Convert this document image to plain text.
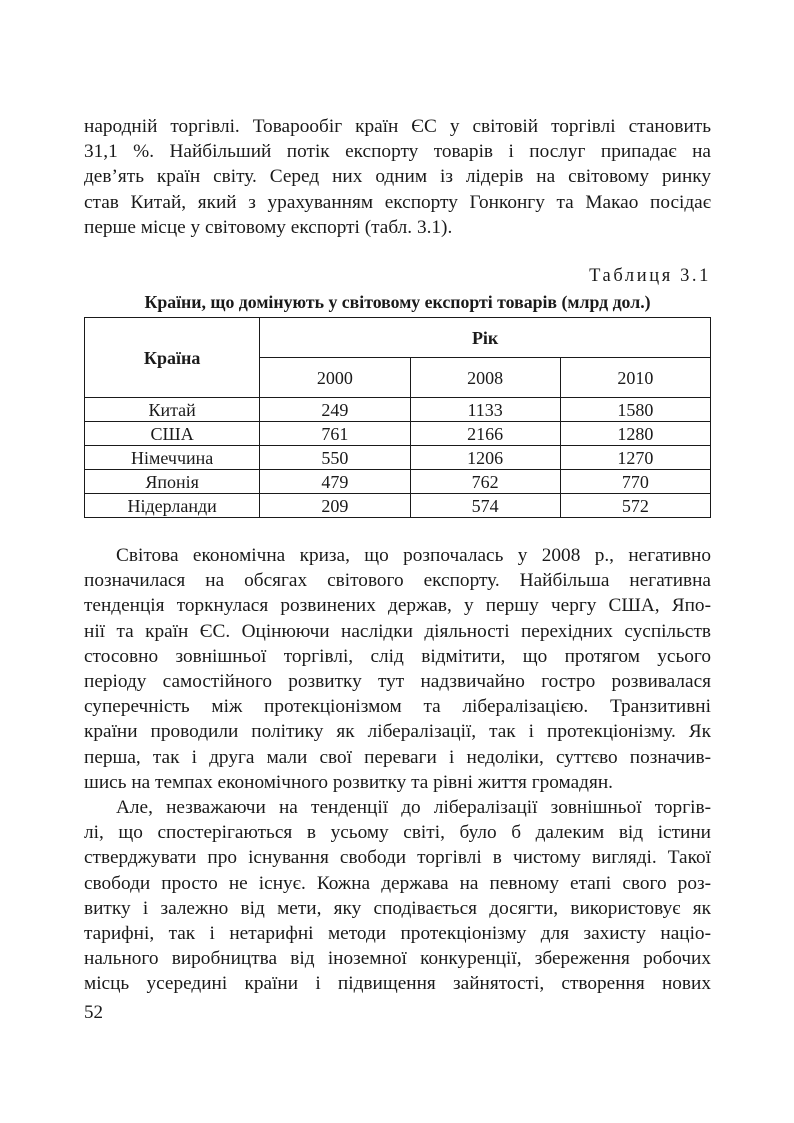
народній торгівлі. Товарообіг країн ЄС у світовій торгівлі становить
31,1 %. Найбільший потік експорту товарів і послуг припадає на
дев’ять країн світу. Серед них одним із лідерів на світовому ринку
став Китай, який з урахуванням експорту Гонконгу та Макао посідає
перше місце у світовому експорті (табл. 3.1).
Таблиця 3.1
Країни, що домінують у світовому експорті товарів (млрд дол.)
Країна	Рік		
	2000	2008	2010
Китай	249	1133	1580
США	761	2166	1280
Німеччина	550	1206	1270
Японія	479	762	770
Нідерланди	209	574	572
Світова економічна криза, що розпочалась у 2008 р., негативно
позначилася на обсягах світового експорту. Найбільша негативна
тенденція торкнулася розвинених держав, у першу чергу США, Япо-
нії та країн ЄС. Оцінюючи наслідки діяльності перехідних суспільств
стосовно зовнішньої торгівлі, слід відмітити, що протягом усього
періоду самостійного розвитку тут надзвичайно гостро розвивалася
суперечність між протекціонізмом та лібералізацією. Транзитивні
країни проводили політику як лібералізації, так і протекціонізму. Як
перша, так і друга мали свої переваги і недоліки, суттєво позначив-
шись на темпах економічного розвитку та рівні життя громадян.
Але, незважаючи на тенденції до лібералізації зовнішньої торгів-
лі, що спостерігаються в усьому світі, було б далеким від істини
стверджувати про існування свободи торгівлі в чистому вигляді. Такої
свободи просто не існує. Кожна держава на певному етапі свого роз-
витку і залежно від мети, яку сподівається досягти, використовує як
тарифні, так і нетарифні методи протекціонізму для захисту націо-
нального виробництва від іноземної конкуренції, збереження робочих
місць усередині країни і підвищення зайнятості, створення нових
52
